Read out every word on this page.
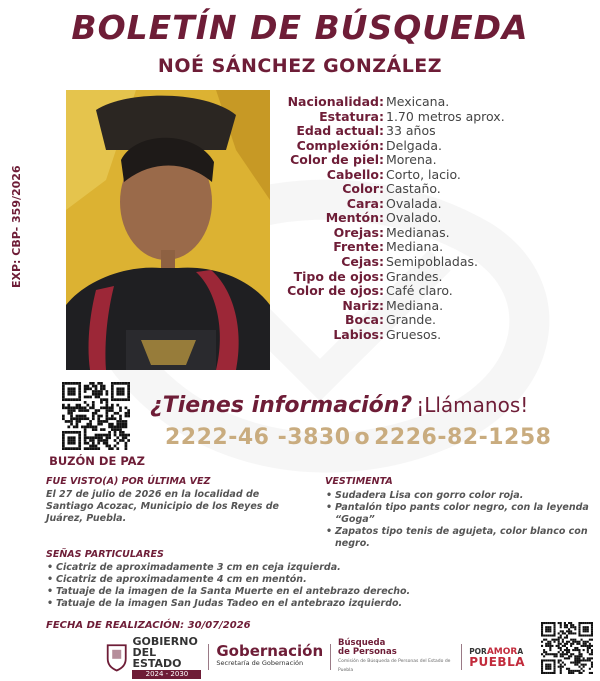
BOLETÍN DE BÚSQUEDA
NOÉ SÁNCHEZ GONZÁLEZ
EXP: CBP- 359/2026
Nacionalidad: Mexicana.
Estatura: 1.70 metros aprox.
Edad actual: 33 años
Complexión: Delgada.
Color de piel: Morena.
Cabello: Corto, lacio.
Color: Castaño.
Cara: Ovalada.
Mentón: Ovalado.
Orejas: Medianas.
Frente: Mediana.
Cejas: Semipobladas.
Tipo de ojos: Grandes.
Color de ojos: Café claro.
Nariz: Mediana.
Boca: Grande.
Labios: Gruesos.
BUZÓN DE PAZ
¿Tienes información? ¡Llámanos!
2222-46 -3830 o 2226-82-1258
FUE VISTO(A) POR ÚLTIMA VEZ
El 27 de julio de 2026 en la localidad de Santiago Acozac, Municipio de los Reyes de Juárez, Puebla.
VESTIMENTA
• Sudadera Lisa con gorro color roja.
• Pantalón tipo pants color negro, con la leyenda “Goga”
• Zapatos tipo tenis de agujeta, color blanco con negro.
SEÑAS PARTICULARES
• Cicatriz de aproximadamente 3 cm en ceja izquierda.
• Cicatriz de aproximadamente 4 cm en mentón.
• Tatuaje de la imagen de la Santa Muerte en el antebrazo derecho.
• Tatuaje de la imagen San Judas Tadeo en el antebrazo izquierdo.
FECHA DE REALIZACIÓN: 30/07/2026
GOBIERNO
DEL ESTADO
2024 - 2030
Gobernación
Secretaría de Gobernación
Búsqueda
de Personas
Comisión de Búsqueda de Personas del Estado de Puebla
PORAMORA
PUEBLA
